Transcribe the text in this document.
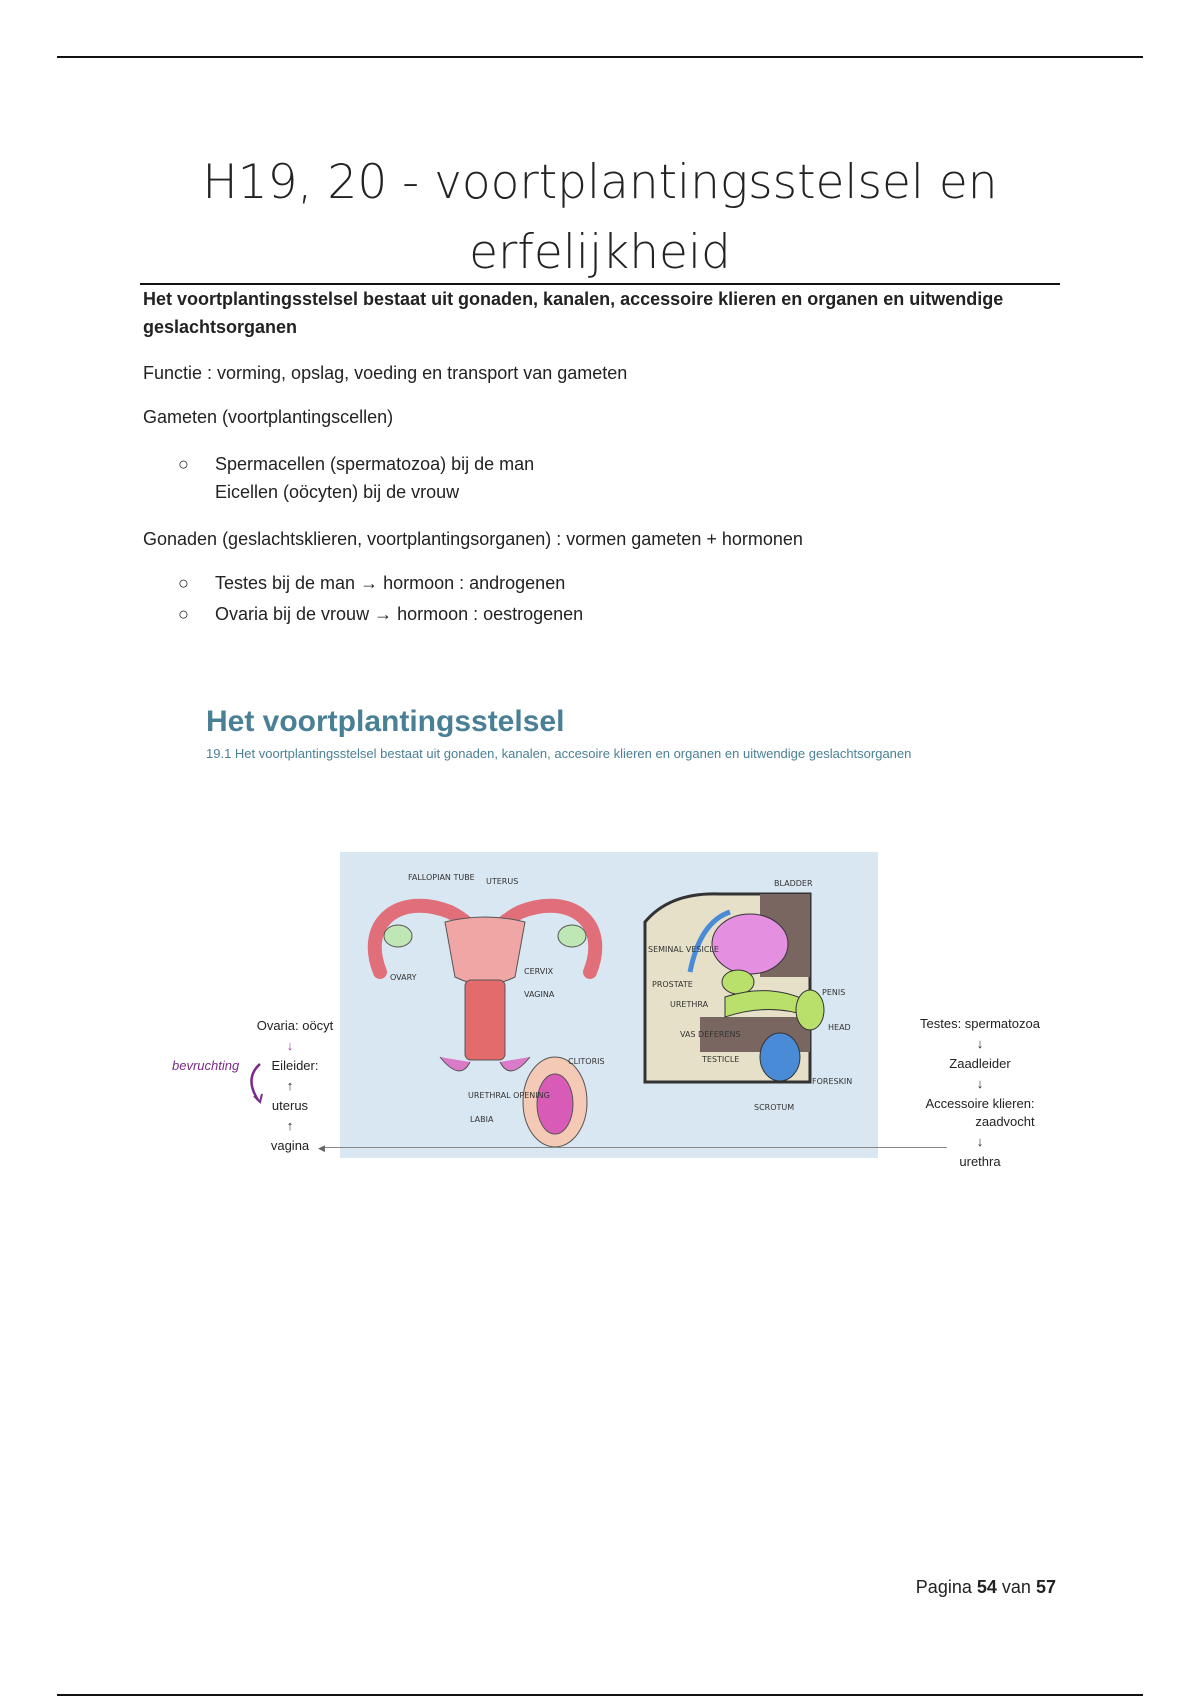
H19, 20 - voortplantingsstelsel en erfelijkheid
Het voortplantingsstelsel bestaat uit gonaden, kanalen, accessoire klieren en organen en uitwendige geslachtsorganen
Functie : vorming, opslag, voeding en transport van gameten
Gameten (voortplantingscellen)
○ Spermacellen (spermatozoa) bij de man
Eicellen (oöcyten) bij de vrouw
Gonaden (geslachtsklieren, voortplantingsorganen) : vormen gameten + hormonen
○ Testes bij de man → hormoon : androgenen
○ Ovaria bij de vrouw → hormoon : oestrogenen
Het voortplantingsstelsel
19.1 Het voortplantingsstelsel bestaat uit gonaden, kanalen, accesoire klieren en organen en uitwendige geslachtsorganen
FALLOPIAN TUBE UTERUS
OVARY
CERVIX
VAGINA
CLITORIS
URETHRAL OPENING
LABIA
BLADDER
SEMINAL VESICLE
PROSTATE
URETHRA
VAS DEFERENS
TESTICLE
SCROTUM
PENIS
HEAD
FORESKIN
Ovaria: oöcyt
↓
Eileider:
↑
uterus
↑
vagina
bevruchting
◀
Testes: spermatozoa
↓
Zaadleider
↓
Accessoire klieren:
zaadvocht
↓
urethra
Pagina 54 van 57
